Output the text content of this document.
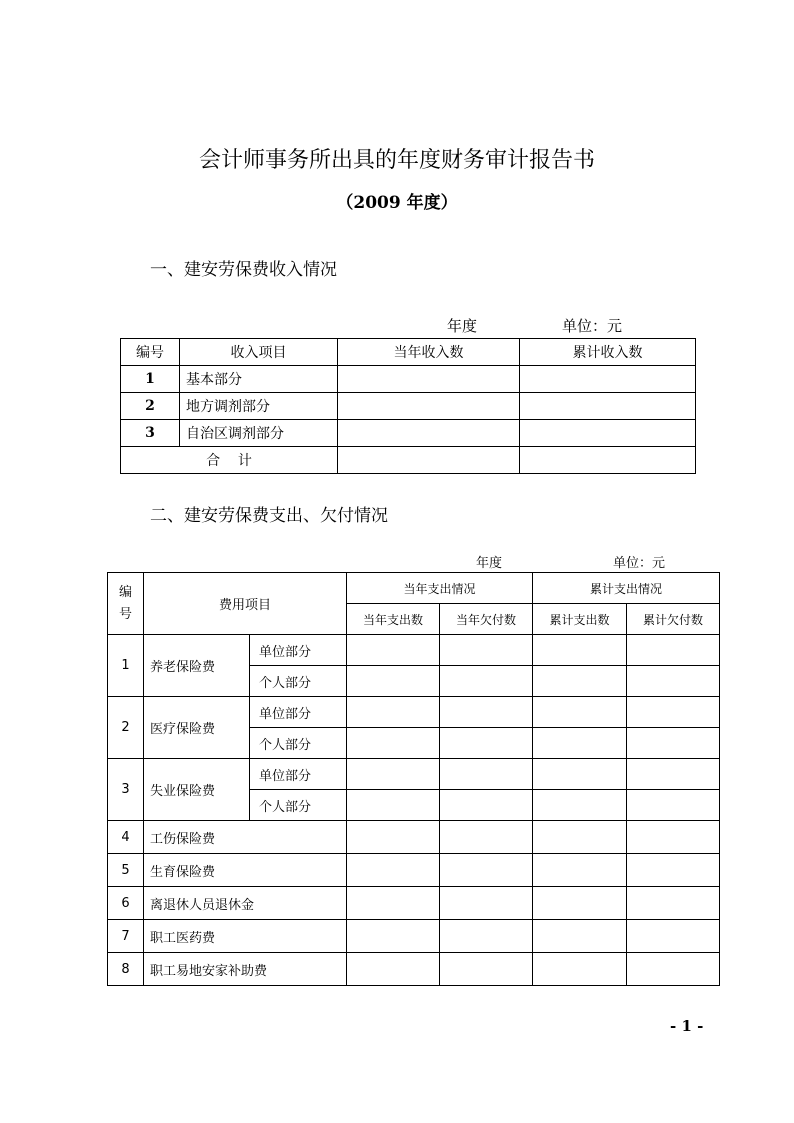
会计师事务所出具的年度财务审计报告书
（2009 年度）
一、建安劳保费收入情况
年度	单位：元
编号	收入项目	当年收入数	累计收入数
1	基本部分		
2	地方调剂部分		
3	自治区调剂部分		
合    计			
二、建安劳保费支出、欠付情况
年度	单位：元
编
号	费用项目		当年支出情况		累计支出情况	
			当年支出数	当年欠付数	累计支出数	累计欠付数
1	养老保险费	单位部分				
		个人部分				
2	医疗保险费	单位部分				
		个人部分				
3	失业保险费	单位部分				
		个人部分				
4	工伤保险费					
5	生育保险费					
6	离退休人员退休金					
7	职工医药费					
8	职工易地安家补助费					
- 1 -
